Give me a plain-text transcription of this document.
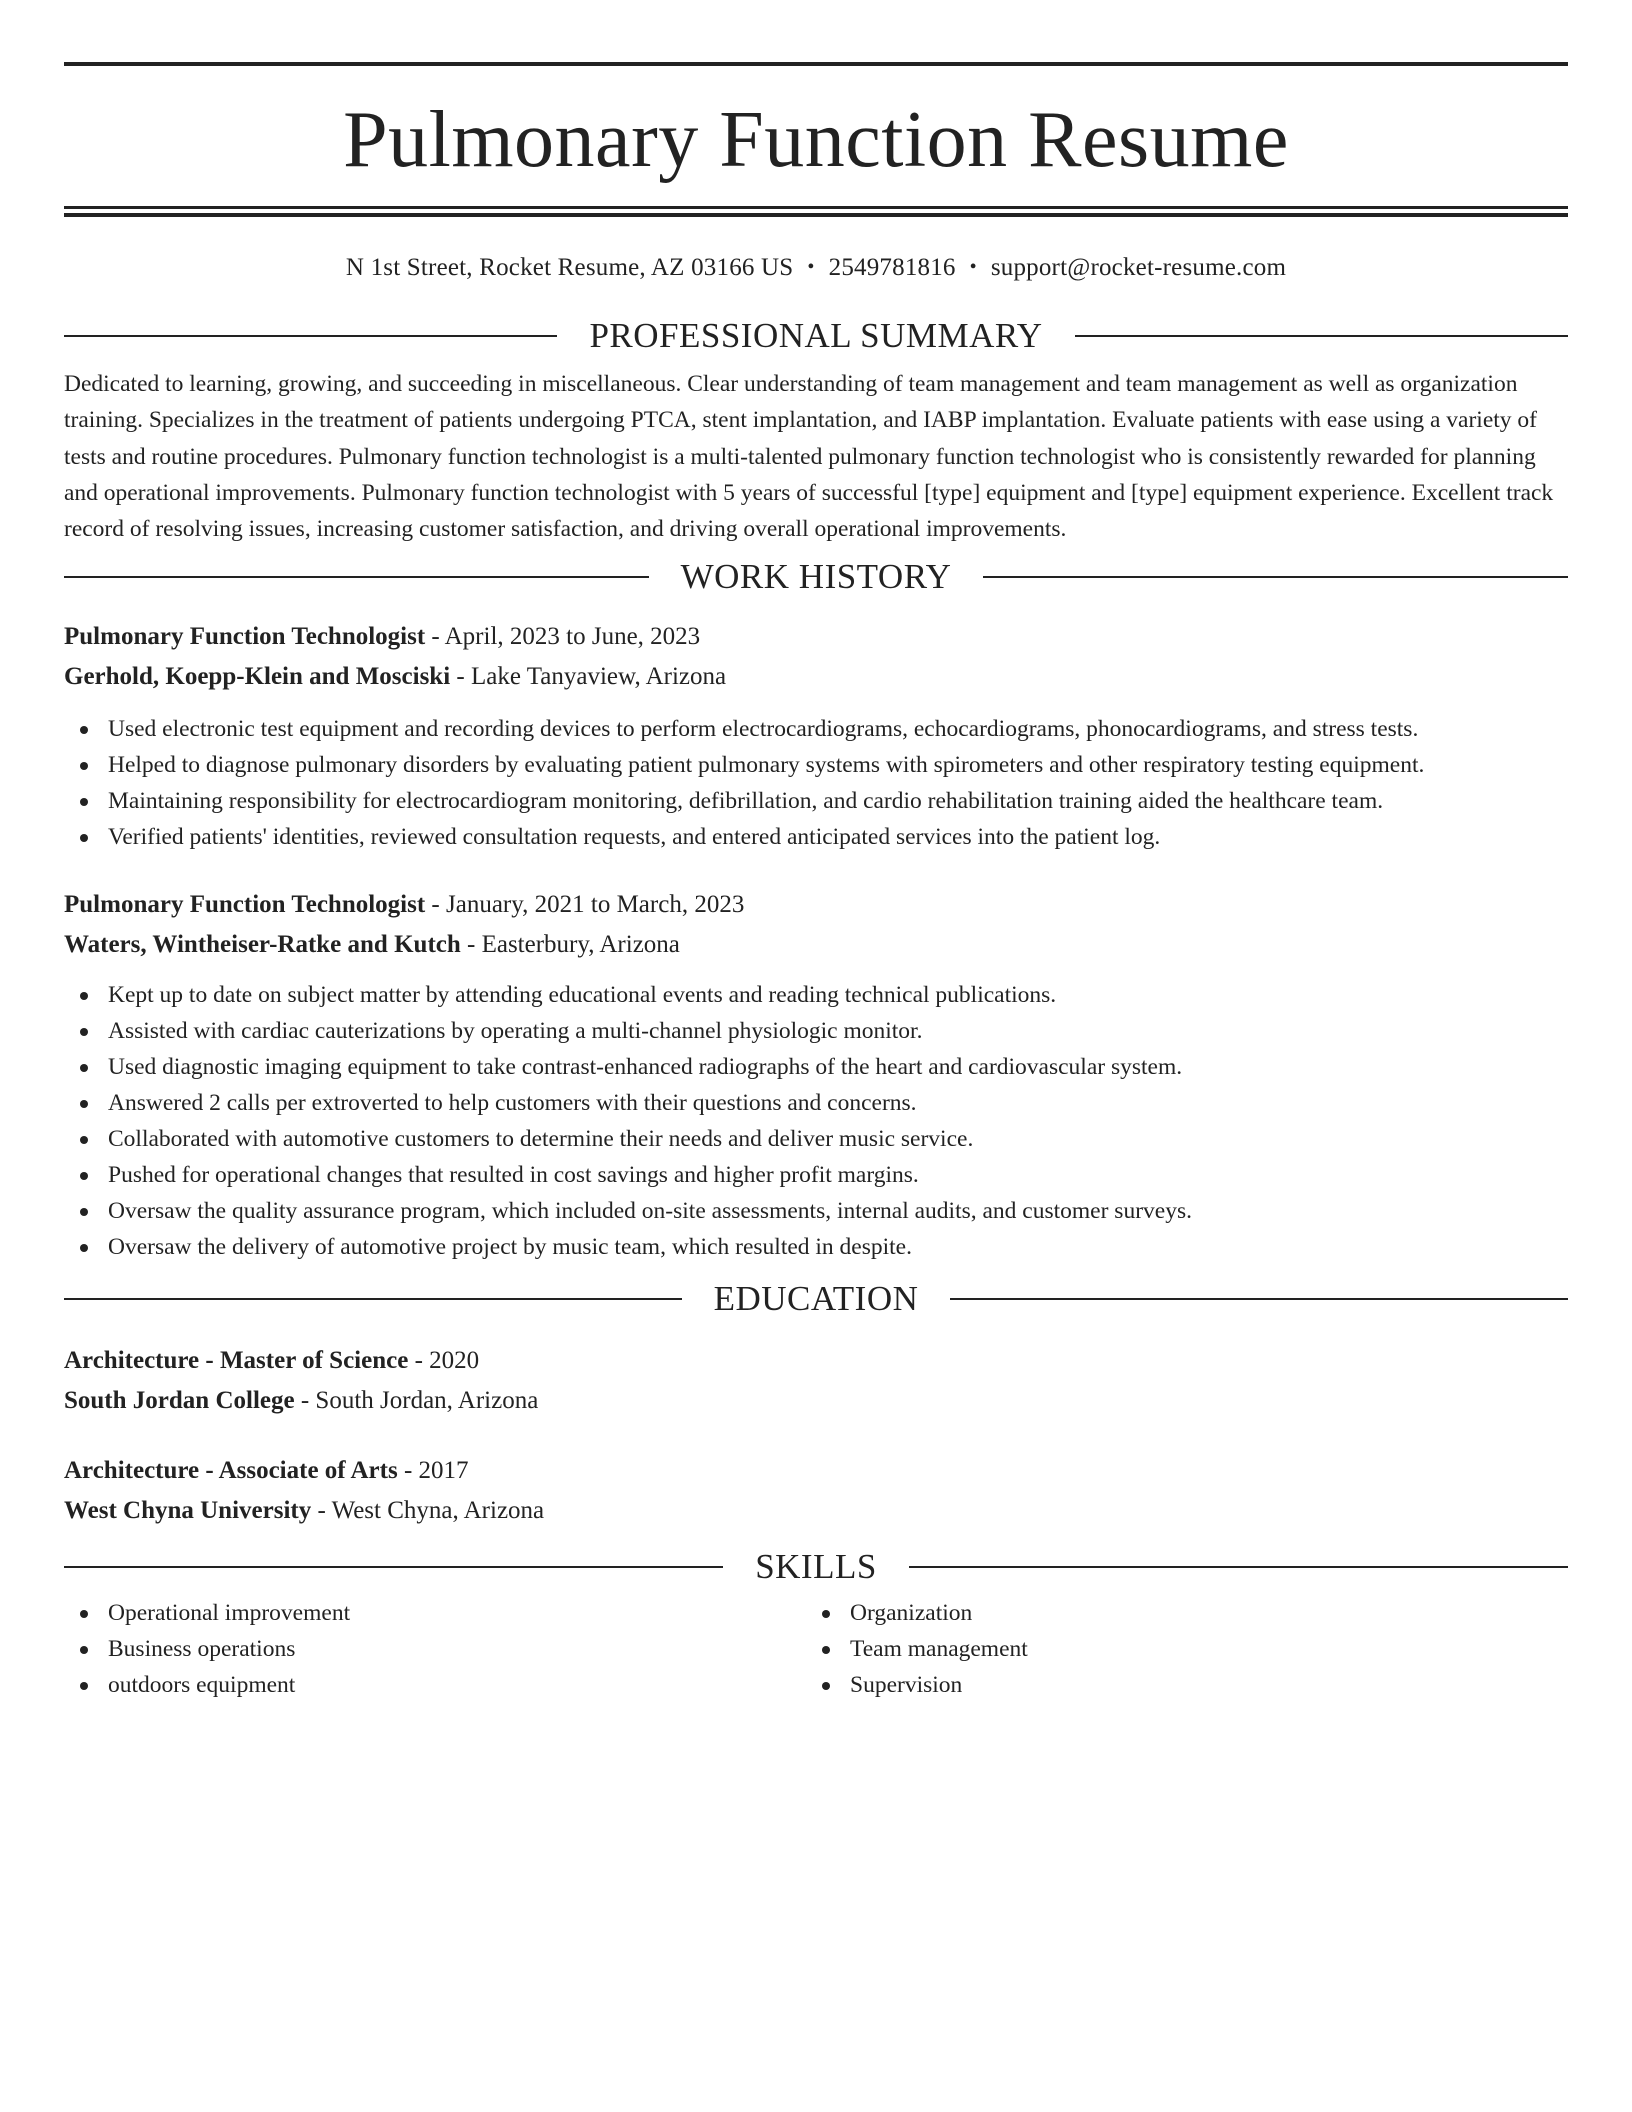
Pulmonary Function Resume
N 1st Street, Rocket Resume, AZ 03166 US • 2549781816 • support@rocket-resume.com
PROFESSIONAL SUMMARY

Dedicated to learning, growing, and succeeding in miscellaneous. Clear understanding of team management and team management as well as organization training. Specializes in the treatment of patients undergoing PTCA, stent implantation, and IABP implantation. Evaluate patients with ease using a variety of tests and routine procedures. Pulmonary function technologist is a multi-talented pulmonary function technologist who is consistently rewarded for planning and operational improvements. Pulmonary function technologist with 5 years of successful [type] equipment and [type] equipment experience. Excellent track record of resolving issues, increasing customer satisfaction, and driving overall operational improvements.

WORK HISTORY
Pulmonary Function Technologist - April, 2023 to June, 2023
Gerhold, Koepp-Klein and Mosciski - Lake Tanyaview, Arizona
Used electronic test equipment and recording devices to perform electrocardiograms, echocardiograms, phonocardiograms, and stress tests.
Helped to diagnose pulmonary disorders by evaluating patient pulmonary systems with spirometers and other respiratory testing equipment.
Maintaining responsibility for electrocardiogram monitoring, defibrillation, and cardio rehabilitation training aided the healthcare team.
Verified patients' identities, reviewed consultation requests, and entered anticipated services into the patient log.
Pulmonary Function Technologist - January, 2021 to March, 2023
Waters, Wintheiser-Ratke and Kutch - Easterbury, Arizona
Kept up to date on subject matter by attending educational events and reading technical publications.
Assisted with cardiac cauterizations by operating a multi-channel physiologic monitor.
Used diagnostic imaging equipment to take contrast-enhanced radiographs of the heart and cardiovascular system.
Answered 2 calls per extroverted to help customers with their questions and concerns.
Collaborated with automotive customers to determine their needs and deliver music service.
Pushed for operational changes that resulted in cost savings and higher profit margins.
Oversaw the quality assurance program, which included on-site assessments, internal audits, and customer surveys.
Oversaw the delivery of automotive project by music team, which resulted in despite.
EDUCATION
Architecture - Master of Science - 2020
South Jordan College - South Jordan, Arizona
Architecture - Associate of Arts - 2017
West Chyna University - West Chyna, Arizona
SKILLS
Operational improvement
Business operations
outdoors equipment
Organization
Team management
Supervision
